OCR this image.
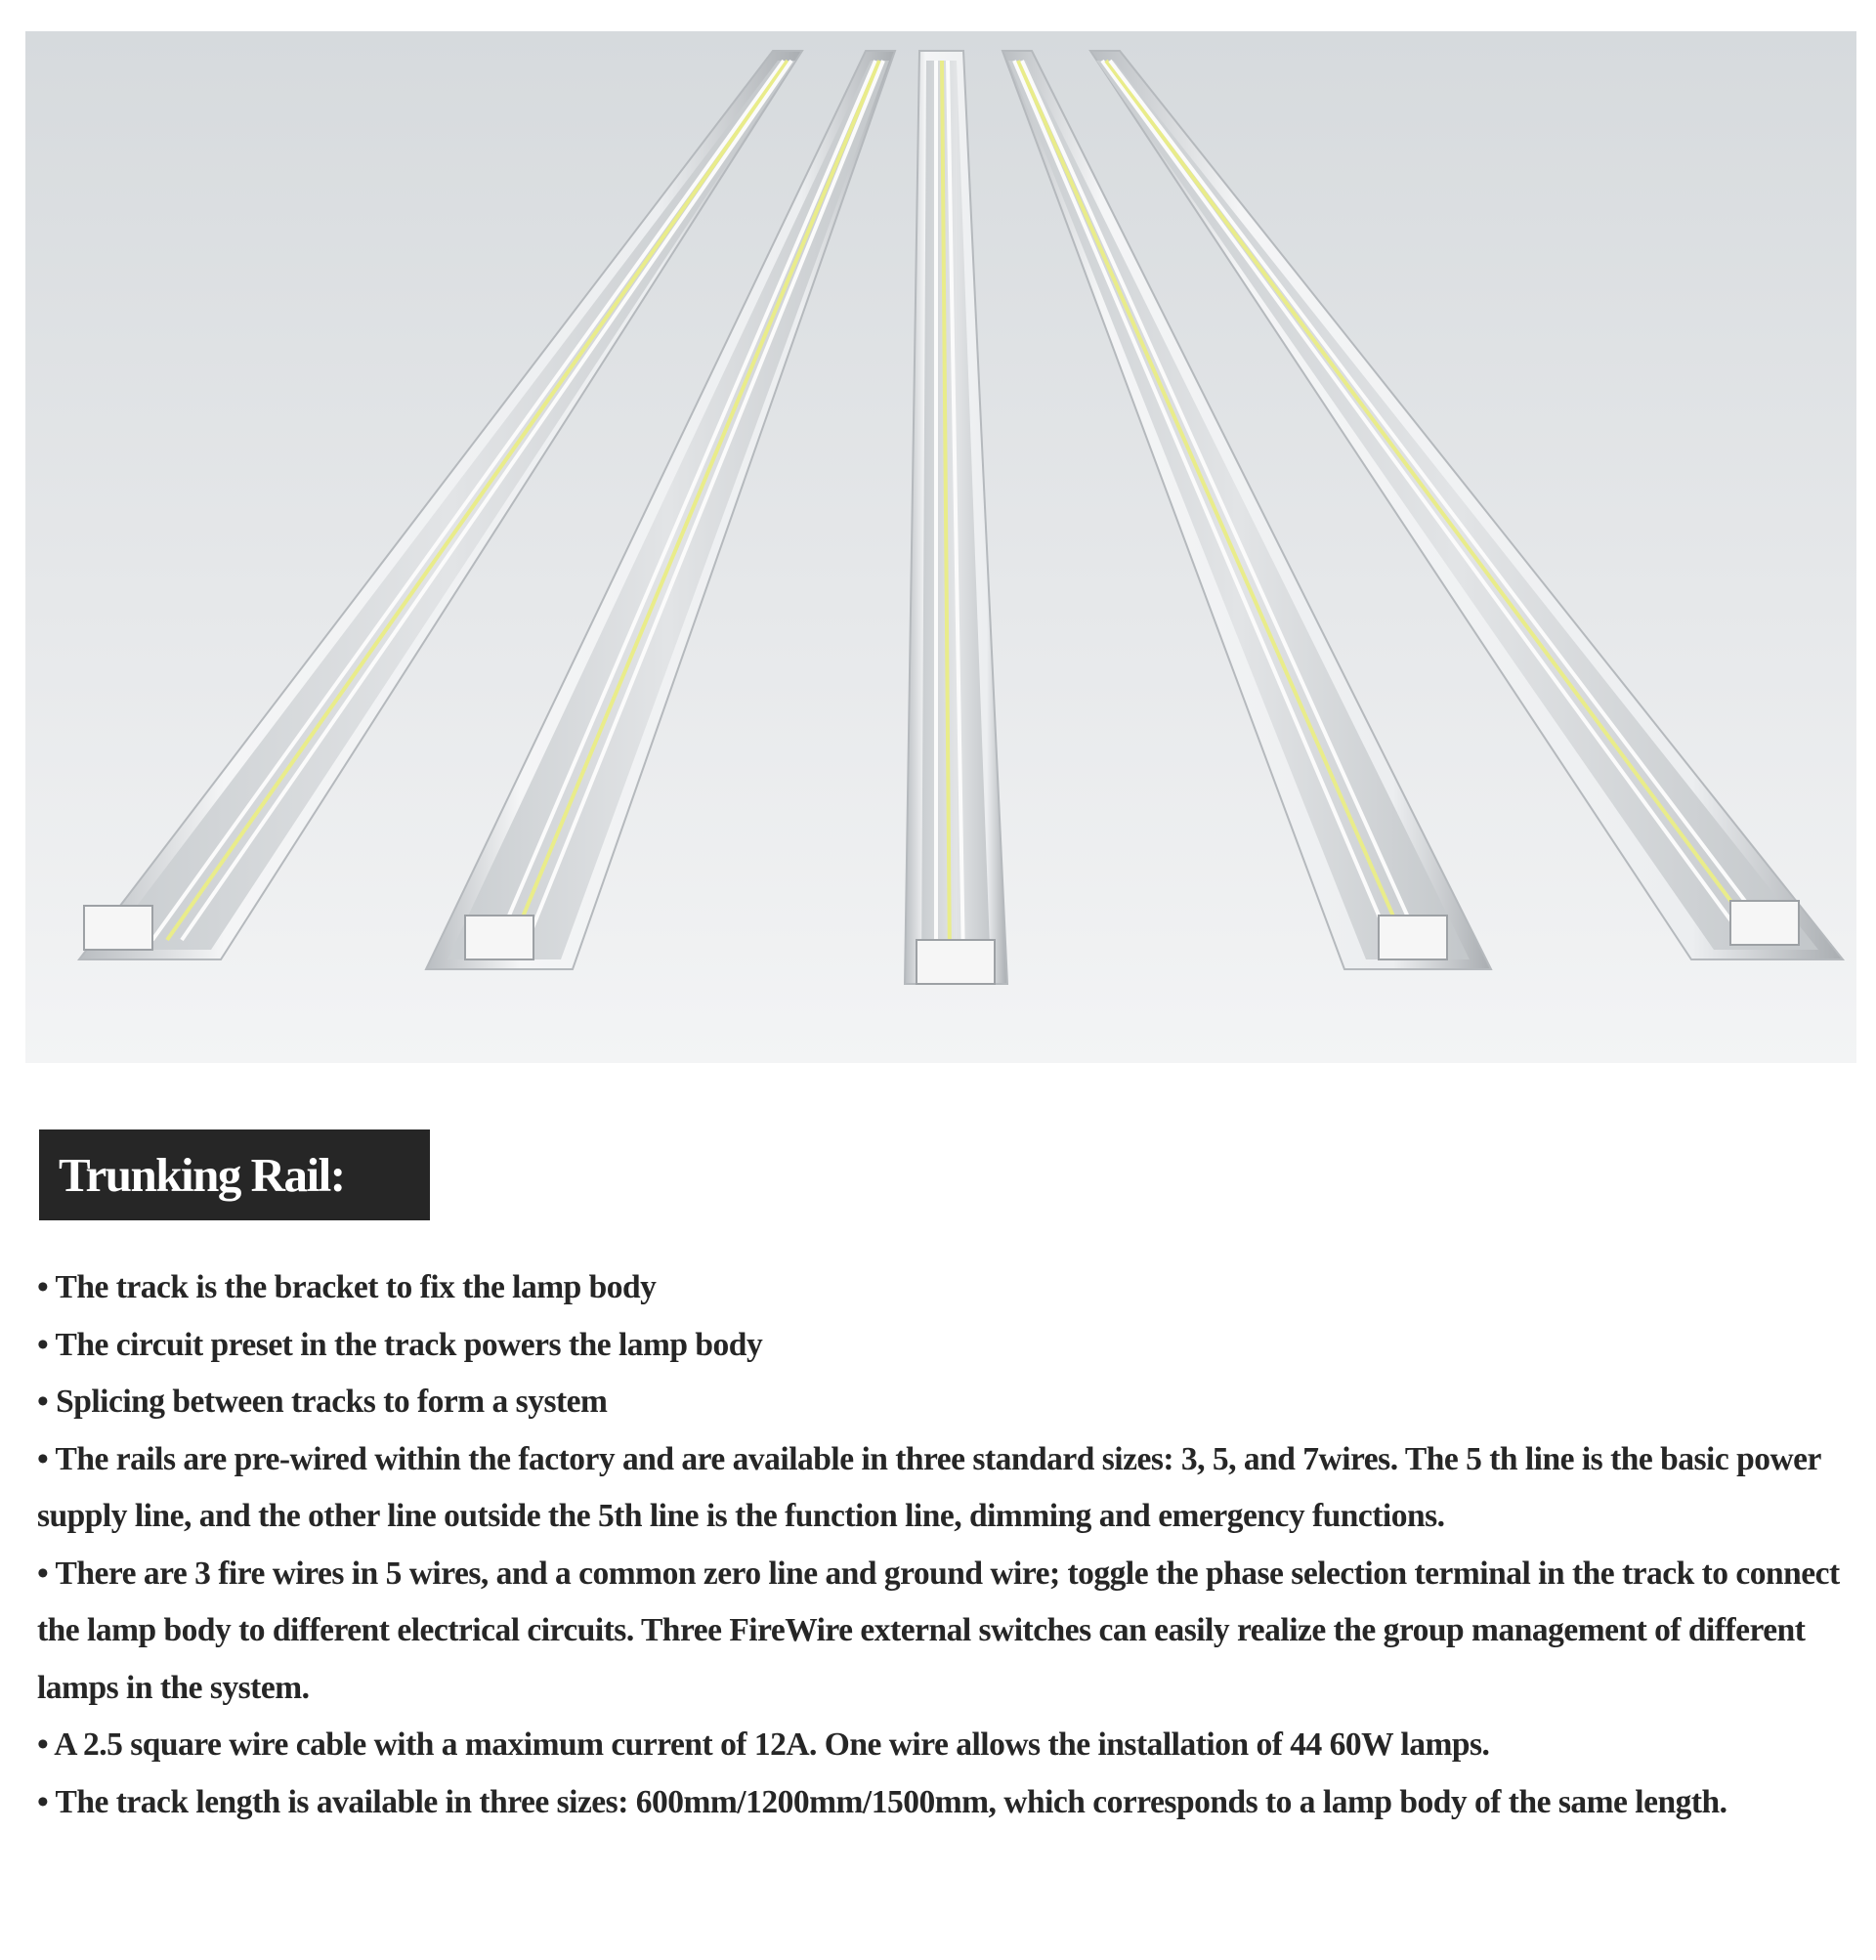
Trunking Rail:
• The track is the bracket to fix the lamp body
• The circuit preset in the track powers the lamp body
• Splicing between tracks to form a system
• The rails are pre-wired within the factory and are available in three standard sizes: 3, 5, and 7wires. The 5 th line is the basic power supply line, and the other line outside the 5th line is the function line, dimming and emergency functions.
• There are 3 fire wires in 5 wires, and a common zero line and ground wire; toggle the phase selection terminal in the track to connect the lamp body to different electrical circuits. Three FireWire external switches can easily realize the group management of different lamps in the system.
• A 2.5 square wire cable with a maximum current of 12A. One wire allows the installation of 44 60W lamps.
• The track length is available in three sizes: 600mm/1200mm/1500mm, which corresponds to a lamp body of the same length.
